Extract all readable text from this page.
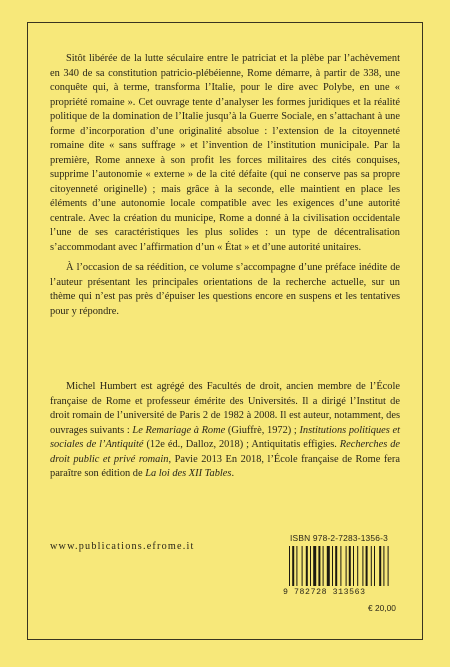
Sitôt libérée de la lutte séculaire entre le patriciat et la plèbe par l’achèvement en 340 de sa constitution patricio-plébéienne, Rome démarre, à partir de 338, une conquête qui, à terme, transforma l’Italie, pour le dire avec Polybe, en une « propriété romaine ». Cet ouvrage tente d’analyser les formes juridiques et la réalité politique de la domination de l’Italie jusqu’à la Guerre Sociale, en s’attachant à une forme d’incorporation d’une originalité absolue : l’extension de la citoyenneté romaine dite « sans suffrage » et l’invention de l’institution municipale. Par la première, Rome annexe à son profit les forces militaires des cités conquises, supprime l’autonomie « externe » de la cité défaite (qui ne conserve pas sa propre citoyenneté originelle) ; mais grâce à la seconde, elle maintient en place les éléments d’une autonomie locale compatible avec les exigences d’une autorité centrale. Avec la création du municipe, Rome a donné à la civilisation occidentale l’une de ses caractéristiques les plus solides : un type de décentralisation s’accommodant avec l’affirmation d’un « État » et d’une autorité unitaires.

À l’occasion de sa réédition, ce volume s’accompagne d’une préface inédite de l’auteur présentant les principales orientations de la recherche actuelle, sur un thème qui n’est pas près d’épuiser les questions encore en suspens et les tentatives pour y répondre.

Michel Humbert est agrégé des Facultés de droit, ancien membre de l’École française de Rome et professeur émérite des Universités. Il a dirigé l’Institut de droit romain de l’université de Paris 2 de 1982 à 2008. Il est auteur, notamment, des ouvrages suivants : Le Remariage à Rome (Giuffrè, 1972) ; Institutions politiques et sociales de l’Antiquité (12e éd., Dalloz, 2018) ; Antiquitatis effigies. Recherches de droit public et privé romain, Pavie 2013 En 2018, l’École française de Rome fera paraître son édition de La loi des XII Tables.

www.publications.efrome.it
ISBN 978-2-7283-1356-3
9 782728 313563
€ 20,00
